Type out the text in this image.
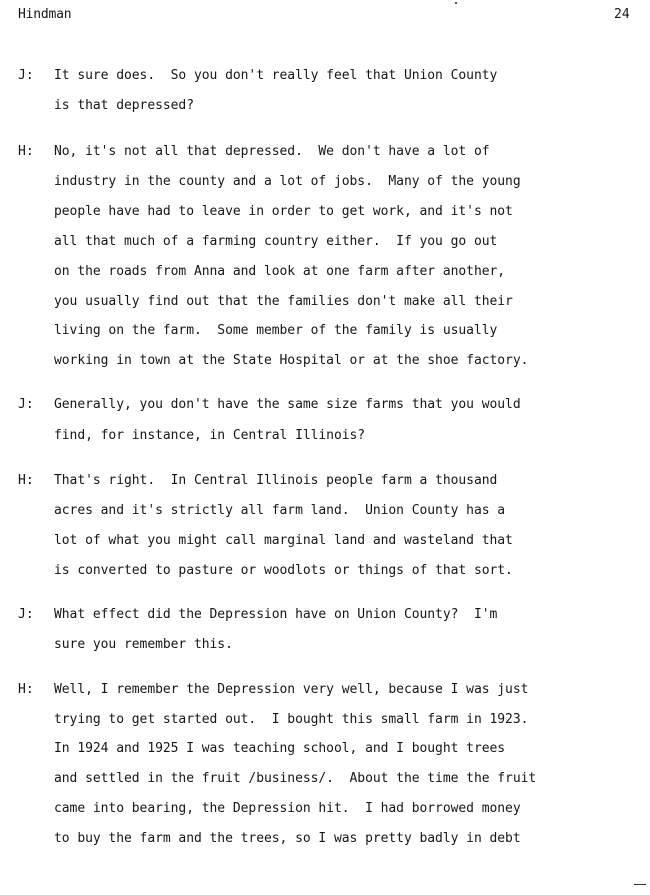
Hindman	24
J: It sure does.  So you don't really feel that Union County
is that depressed?
H: No, it's not all that depressed.  We don't have a lot of
industry in the county and a lot of jobs.  Many of the young
people have had to leave in order to get work, and it's not
all that much of a farming country either.  If you go out
on the roads from Anna and look at one farm after another,
you usually find out that the families don't make all their
living on the farm.  Some member of the family is usually
working in town at the State Hospital or at the shoe factory.
J: Generally, you don't have the same size farms that you would
find, for instance, in Central Illinois?
H: That's right.  In Central Illinois people farm a thousand
acres and it's strictly all farm land.  Union County has a
lot of what you might call marginal land and wasteland that
is converted to pasture or woodlots or things of that sort.
J: What effect did the Depression have on Union County?  I'm
sure you remember this.
H: Well, I remember the Depression very well, because I was just
trying to get started out.  I bought this small farm in 1923.
In 1924 and 1925 I was teaching school, and I bought trees
and settled in the fruit /business/.  About the time the fruit
came into bearing, the Depression hit.  I had borrowed money
to buy the farm and the trees, so I was pretty badly in debt
